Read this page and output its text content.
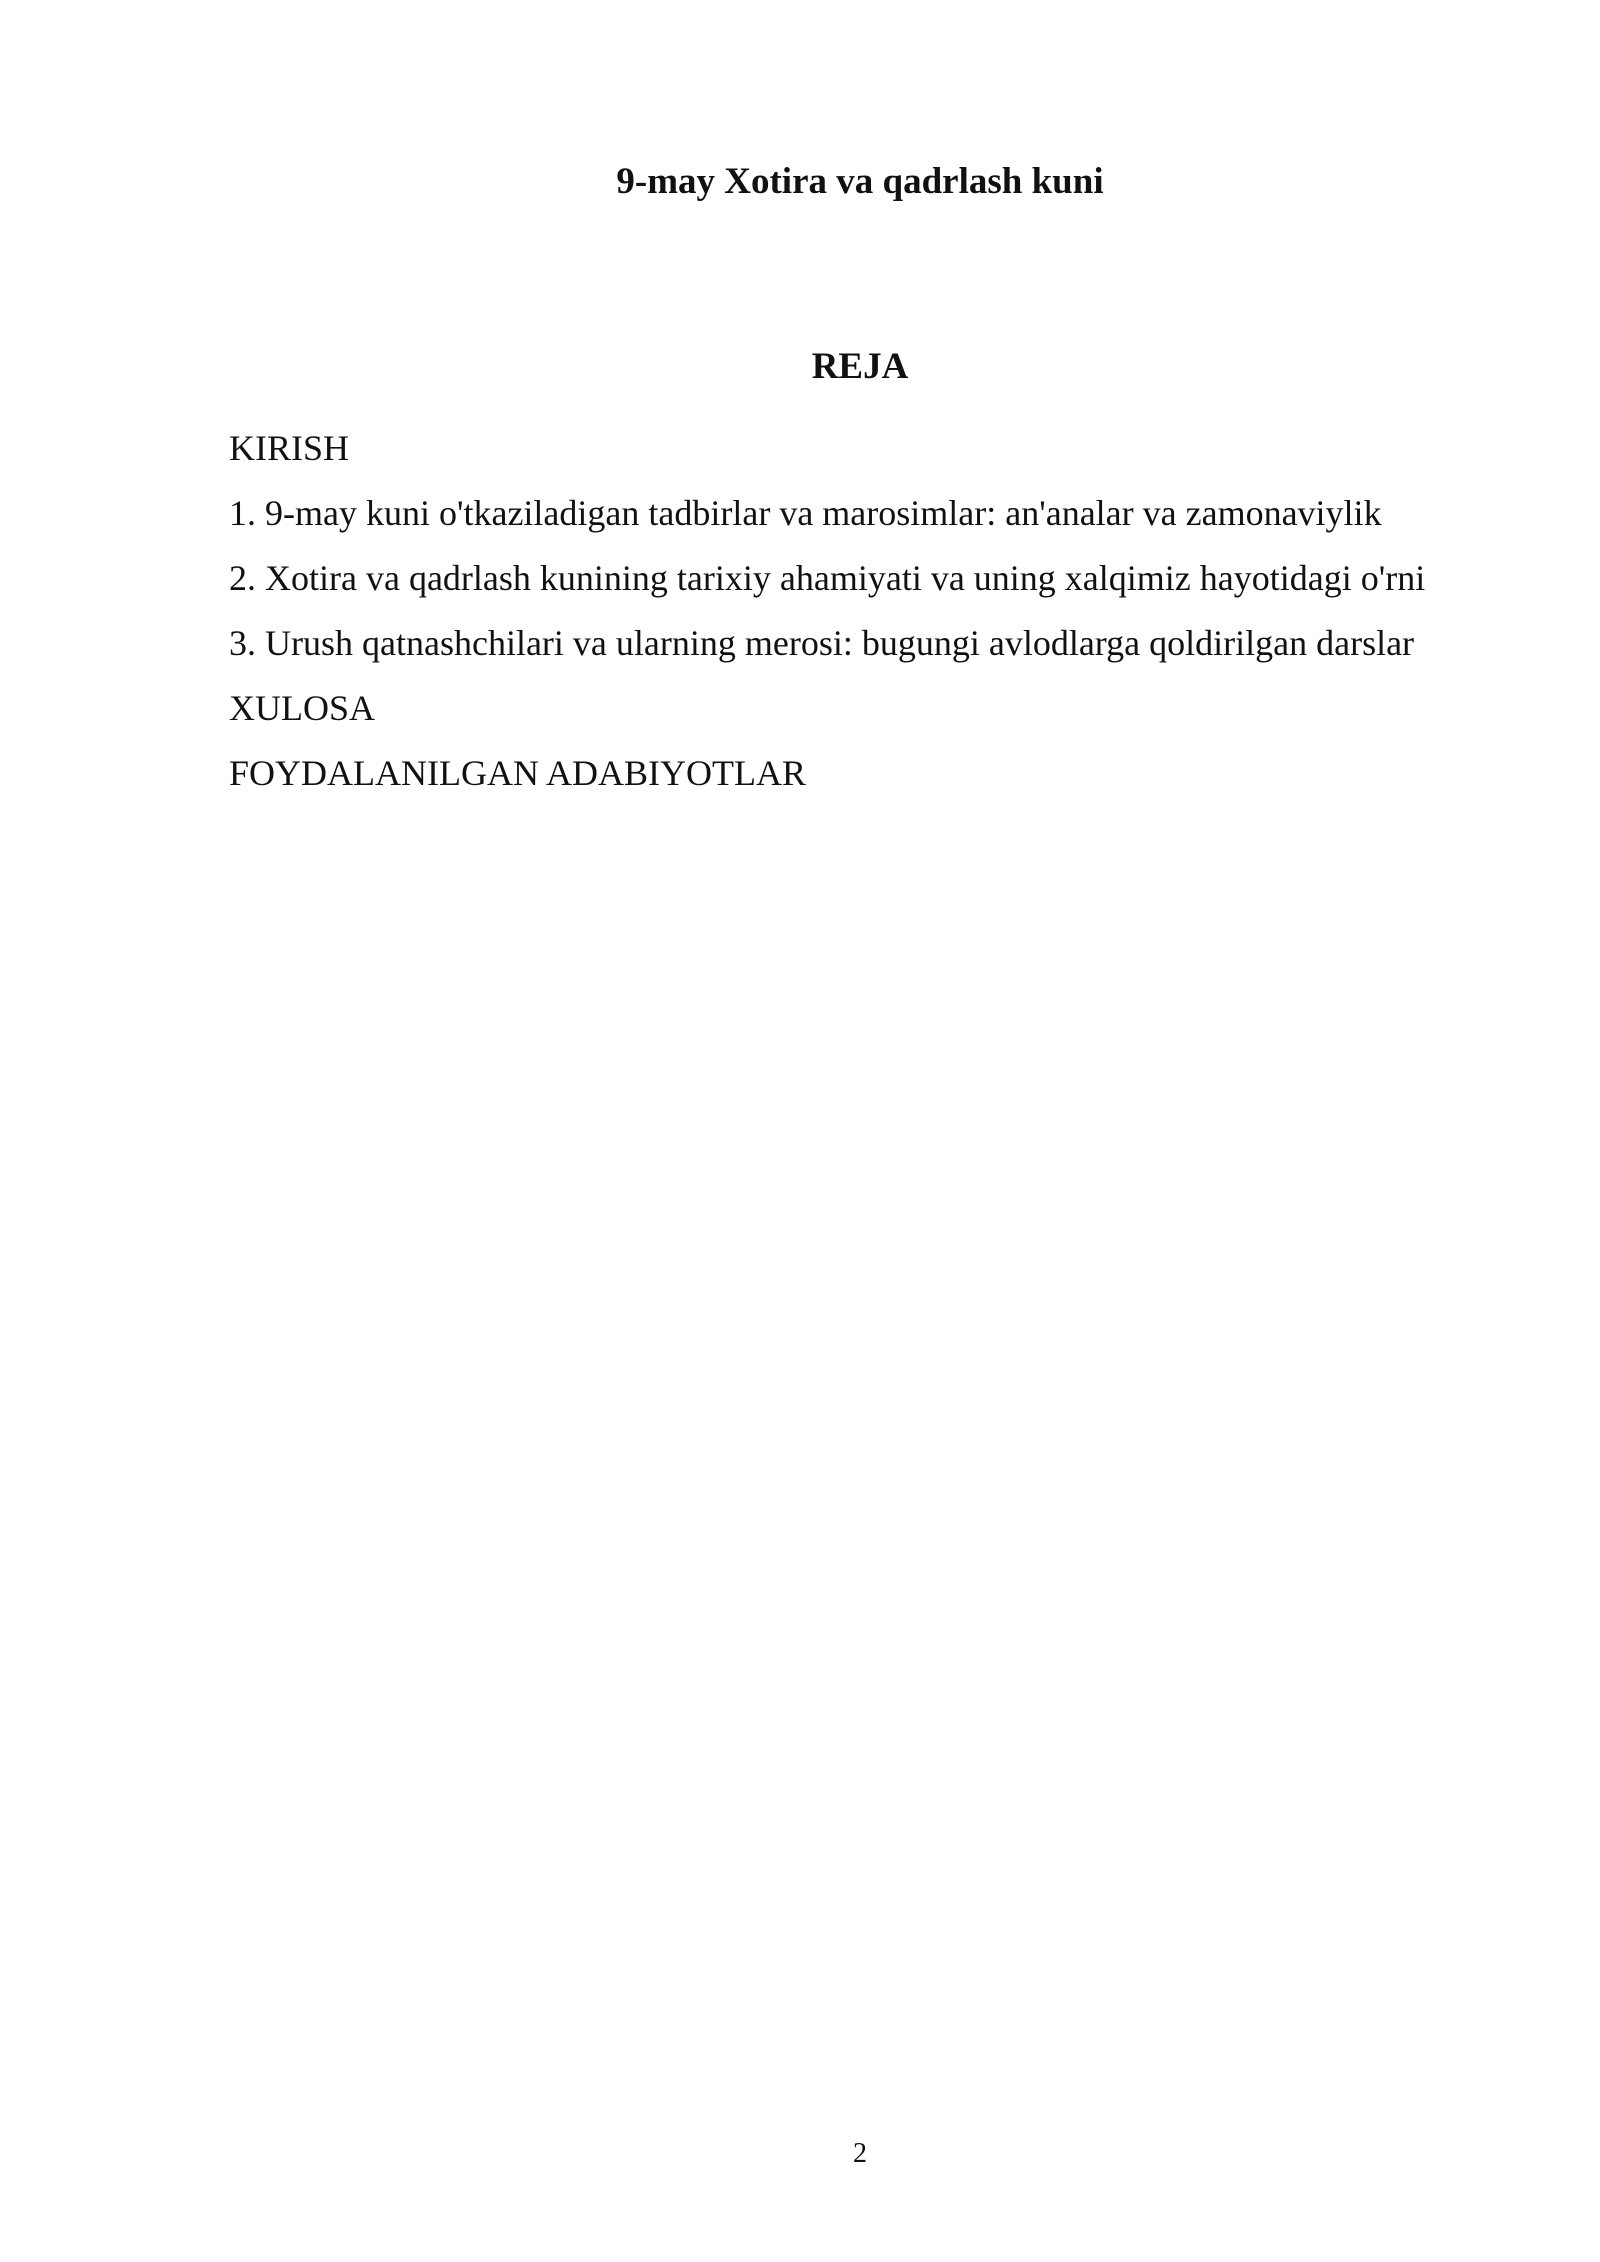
9-may Xotira va qadrlash kuni
REJA
KIRISH
1. 9-may kuni o'tkaziladigan tadbirlar va marosimlar: an'analar va zamonaviylik
2. Xotira va qadrlash kunining tarixiy ahamiyati va uning xalqimiz hayotidagi o'rni
3. Urush qatnashchilari va ularning merosi: bugungi avlodlarga qoldirilgan darslar
XULOSA
FOYDALANILGAN ADABIYOTLAR
2
